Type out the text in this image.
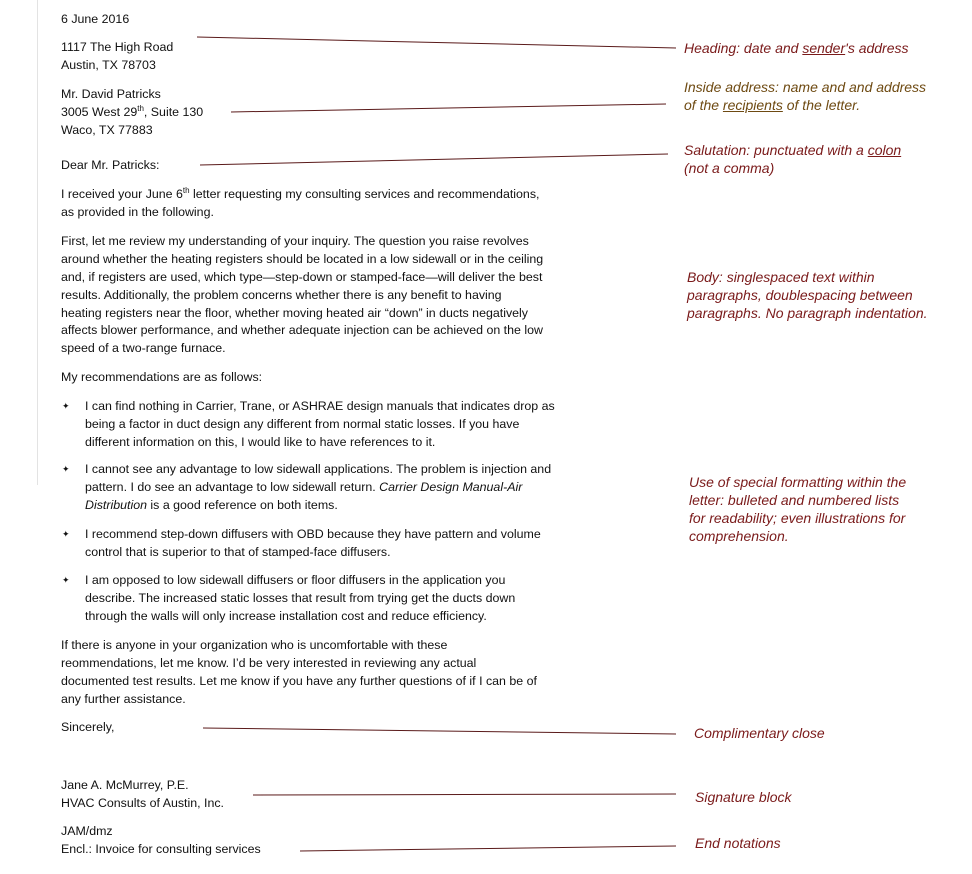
6 June 2016
1117 The High Road
Austin, TX 78703
Mr. David Patricks
3005 West 29th, Suite 130
Waco, TX 77883
Dear Mr. Patricks:
I received your June 6th letter requesting my consulting services and recommendations,
as provided in the following.
First, let me review my understanding of your inquiry. The question you raise revolves
around whether the heating registers should be located in a low sidewall or in the ceiling
and, if registers are used, which type—step-down or stamped-face—will deliver the best
results. Additionally, the problem concerns whether there is any benefit to having
heating registers near the floor, whether moving heated air “down” in ducts negatively
affects blower performance, and whether adequate injection can be achieved on the low
speed of a two-range furnace.
My recommendations are as follows:
✦ I can find nothing in Carrier, Trane, or ASHRAE design manuals that indicates drop as
being a factor in duct design any different from normal static losses. If you have
different information on this, I would like to have references to it.
✦ I cannot see any advantage to low sidewall applications. The problem is injection and
pattern. I do see an advantage to low sidewall return. Carrier Design Manual-Air
Distribution is a good reference on both items.
✦ I recommend step-down diffusers with OBD because they have pattern and volume
control that is superior to that of stamped-face diffusers.
✦ I am opposed to low sidewall diffusers or floor diffusers in the application you
describe. The increased static losses that result from trying get the ducts down
through the walls will only increase installation cost and reduce efficiency.
If there is anyone in your organization who is uncomfortable with these
reommendations, let me know. I’d be very interested in reviewing any actual
documented test results. Let me know if you have any further questions of if I can be of
any further assistance.
Sincerely,
Jane A. McMurrey, P.E.
HVAC Consults of Austin, Inc.
JAM/dmz
Encl.: Invoice for consulting services
Heading: date and sender's address
Inside address: name and and address
of the recipients of the letter.
Salutation: punctuated with a colon
(not a comma)
Body: singlespaced text within
paragraphs, doublespacing between
paragraphs. No paragraph indentation.
Use of special formatting within the
letter: bulleted and numbered lists
for readability; even illustrations for
comprehension.
Complimentary close
Signature block
End notations
